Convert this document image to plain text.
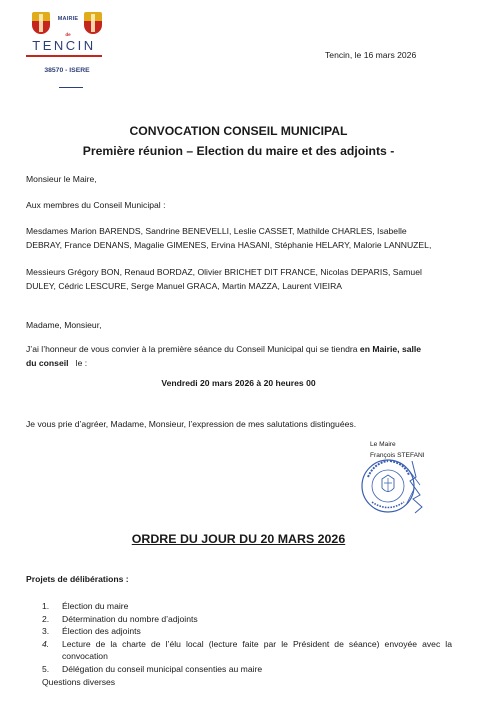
MAIRIE
de
TENCIN
38570 - ISERE
Tencin, le 16 mars 2026
CONVOCATION CONSEIL MUNICIPAL
Première réunion – Election du maire et des adjoints -
Monsieur le Maire,
Aux membres du Conseil Municipal :
Mesdames Marion BARENDS, Sandrine BENEVELLI, Leslie CASSET, Mathilde CHARLES, Isabelle
DEBRAY, France DENANS, Magalie GIMENES, Ervina HASANI, Stéphanie HELARY, Malorie LANNUZEL,
Messieurs Grégory BON, Renaud BORDAZ, Olivier BRICHET DIT FRANCE, Nicolas DEPARIS, Samuel
DULEY, Cédric LESCURE, Serge Manuel GRACA, Martin MAZZA, Laurent VIEIRA
Madame, Monsieur,
J’ai l’honneur de vous convier à la première séance du Conseil Municipal qui se tiendra en Mairie, salle
du conseil le :
Vendredi 20 mars 2026 à 20 heures 00
Je vous prie d’agréer, Madame, Monsieur, l’expression de mes salutations distinguées.
Le Maire
François STEFANI
ORDRE DU JOUR DU 20 MARS 2026
Projets de délibérations :
1.	Élection du maire
2.	Détermination du nombre d’adjoints
3.	Élection des adjoints
4.	Lecture de la charte de l’élu local (lecture faite par le Président de séance) envoyée avec la convocation
5.	Délégation du conseil municipal consenties au maire
Questions diverses
